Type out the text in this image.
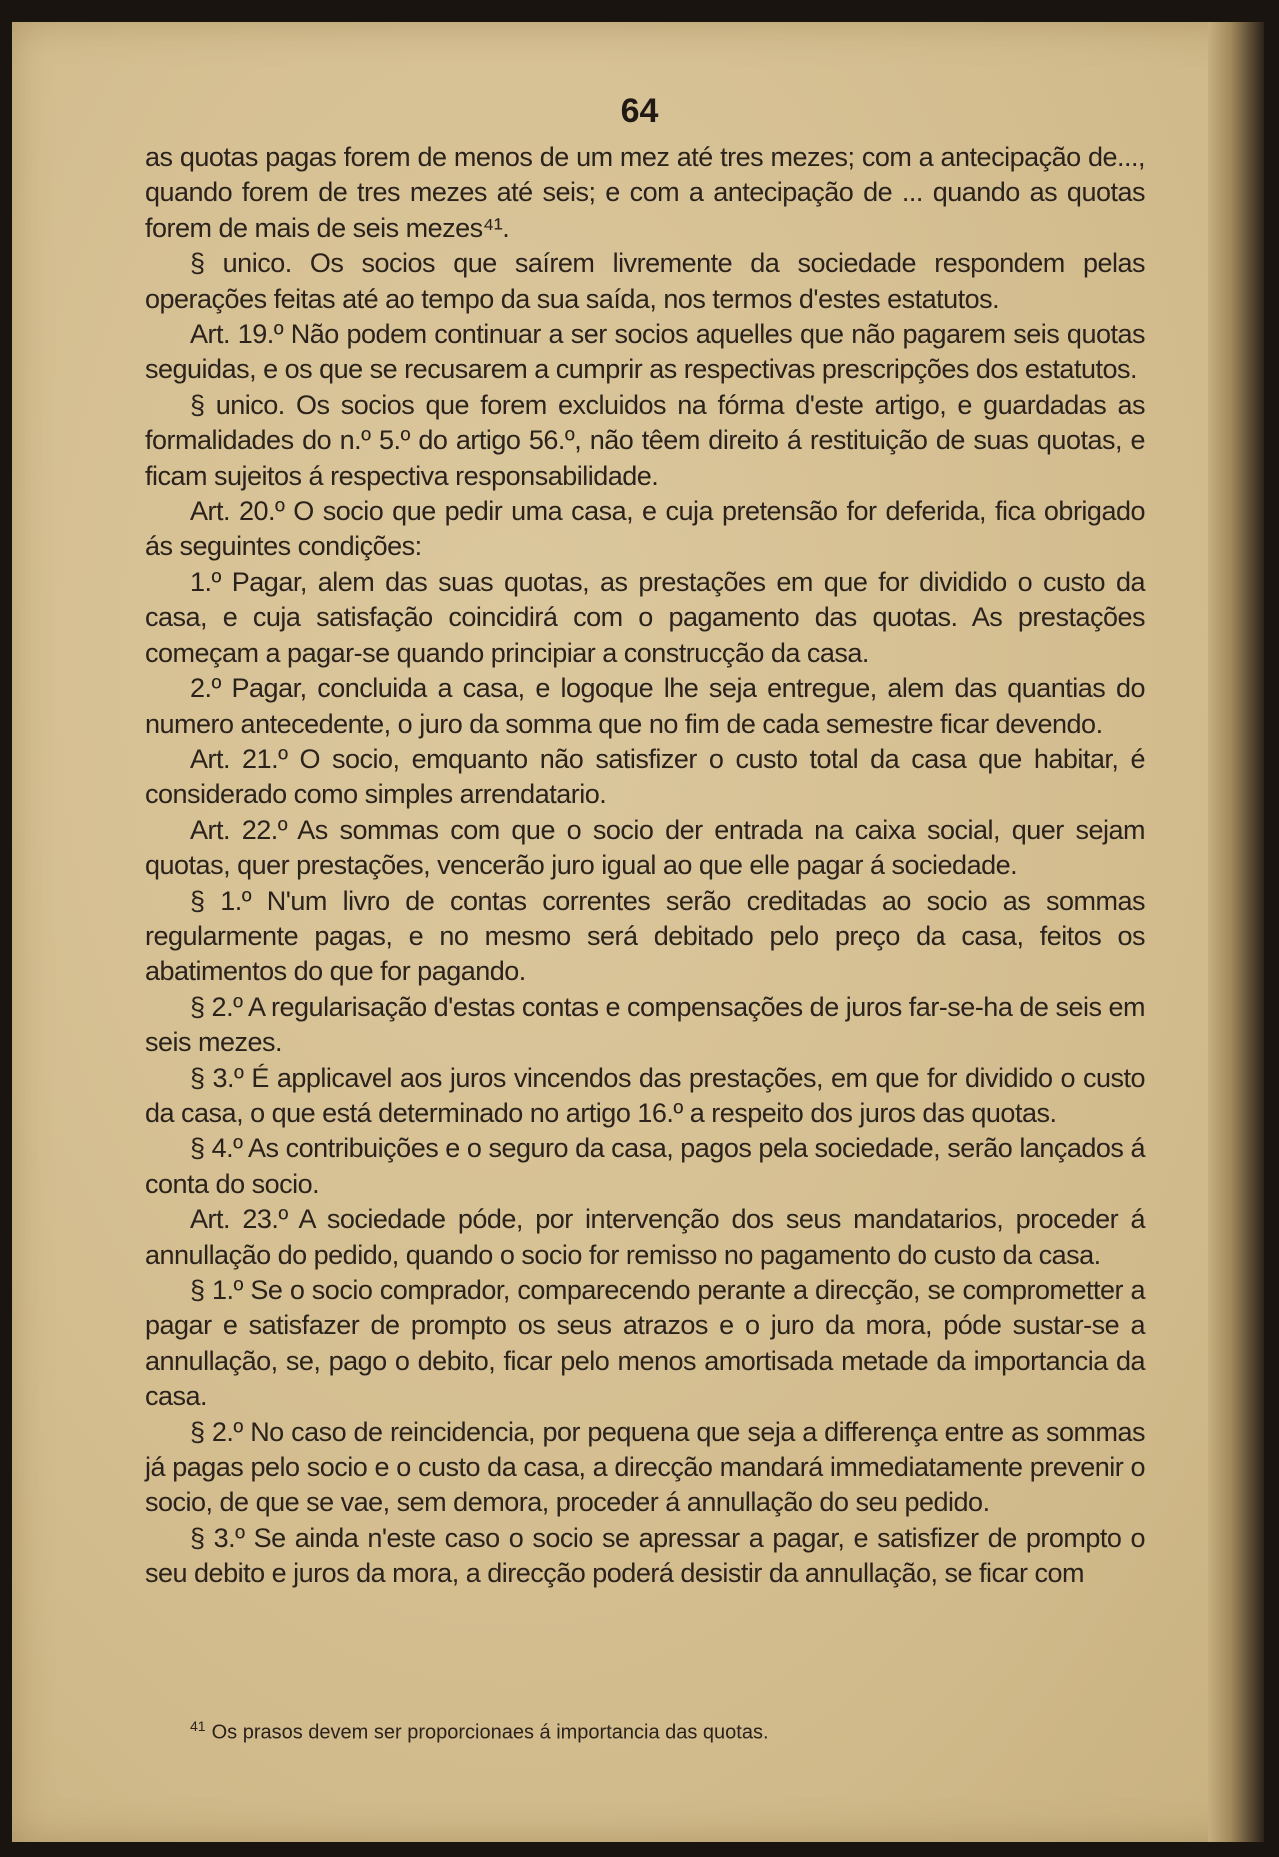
64

as quotas pagas forem de menos de um mez até tres mezes; com a antecipação de..., quando forem de tres mezes até seis; e com a antecipação de ... quando as quotas forem de mais de seis mezes⁴¹.

§ unico. Os socios que saírem livremente da sociedade respondem pelas operações feitas até ao tempo da sua saída, nos termos d'estes estatutos.

Art. 19.º Não podem continuar a ser socios aquelles que não pagarem seis quotas seguidas, e os que se recusarem a cumprir as respectivas prescripções dos estatutos.

§ unico. Os socios que forem excluidos na fórma d'este artigo, e guardadas as formalidades do n.º 5.º do artigo 56.º, não têem direito á restituição de suas quotas, e ficam sujeitos á respectiva responsabilidade.

Art. 20.º O socio que pedir uma casa, e cuja pretensão for deferida, fica obrigado ás seguintes condições:

1.º Pagar, alem das suas quotas, as prestações em que for dividido o custo da casa, e cuja satisfação coincidirá com o pagamento das quotas. As prestações começam a pagar-se quando principiar a construcção da casa.

2.º Pagar, concluida a casa, e logoque lhe seja entregue, alem das quantias do numero antecedente, o juro da somma que no fim de cada semestre ficar devendo.

Art. 21.º O socio, emquanto não satisfizer o custo total da casa que habitar, é considerado como simples arrendatario.

Art. 22.º As sommas com que o socio der entrada na caixa social, quer sejam quotas, quer prestações, vencerão juro igual ao que elle pagar á sociedade.

§ 1.º N'um livro de contas correntes serão creditadas ao socio as sommas regularmente pagas, e no mesmo será debitado pelo preço da casa, feitos os abatimentos do que for pagando.

§ 2.º A regularisação d'estas contas e compensações de juros far-se-ha de seis em seis mezes.

§ 3.º É applicavel aos juros vincendos das prestações, em que for dividido o custo da casa, o que está determinado no artigo 16.º a respeito dos juros das quotas.

§ 4.º As contribuições e o seguro da casa, pagos pela sociedade, serão lançados á conta do socio.

Art. 23.º A sociedade póde, por intervenção dos seus mandatarios, proceder á annullação do pedido, quando o socio for remisso no pagamento do custo da casa.

§ 1.º Se o socio comprador, comparecendo perante a direcção, se comprometter a pagar e satisfazer de prompto os seus atrazos e o juro da mora, póde sustar-se a annullação, se, pago o debito, ficar pelo menos amortisada metade da importancia da casa.

§ 2.º No caso de reincidencia, por pequena que seja a differença entre as sommas já pagas pelo socio e o custo da casa, a direcção mandará immediatamente prevenir o socio, de que se vae, sem demora, proceder á annullação do seu pedido.

§ 3.º Se ainda n'este caso o socio se apressar a pagar, e satisfizer de prompto o seu debito e juros da mora, a direcção poderá desistir da annullação, se ficar com

$^{41}$ Os prasos devem ser proporcionaes á importancia das quotas.
